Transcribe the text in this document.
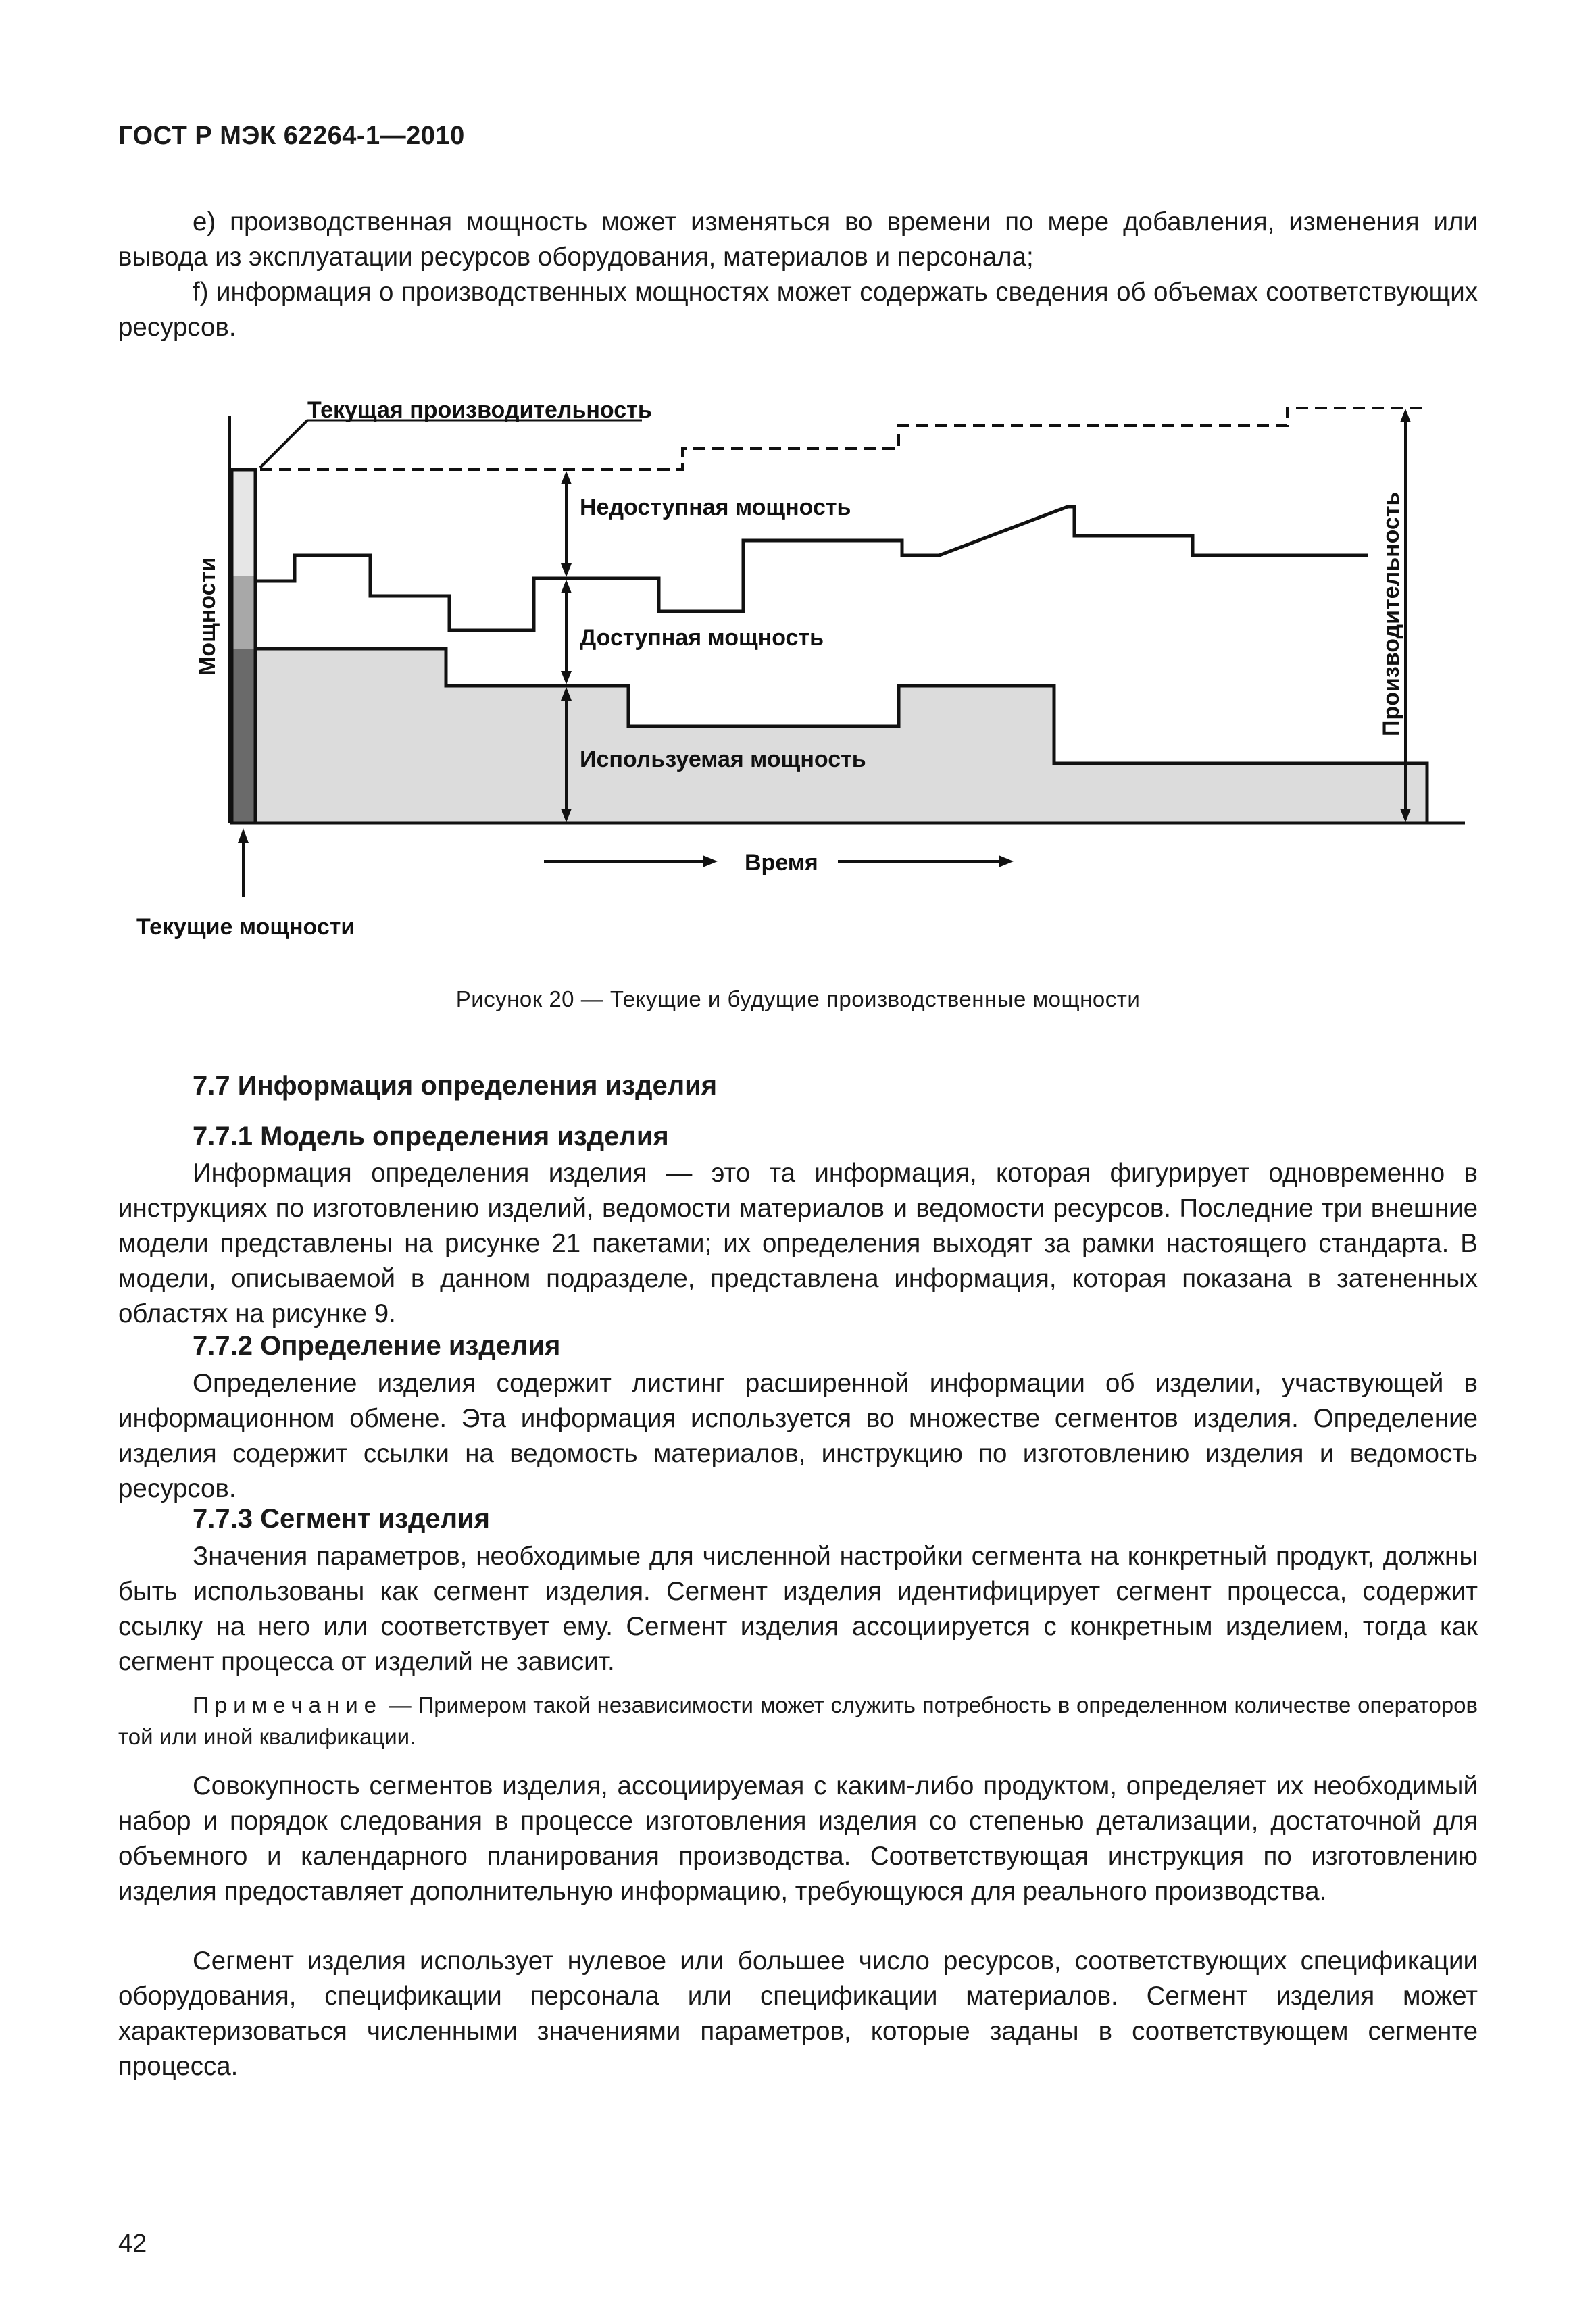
ГОСТ Р МЭК 62264-1—2010
е) производственная мощность может изменяться во времени по мере добавления, изменения или вывода из эксплуатации ресурсов оборудования, материалов и персонала;
f) информация о производственных мощностях может содержать сведения об объемах соответствующих ресурсов.
Текущая производительность
Недоступная мощность
Доступная мощность
Используемая мощность
Производительность
Мощности
Время
Текущие мощности
Рисунок 20 — Текущие и будущие производственные мощности
7.7 Информация определения изделия
7.7.1 Модель определения изделия
Информация определения изделия — это та информация, которая фигурирует одновременно в инструкциях по изготовлению изделий, ведомости материалов и ведомости ресурсов. Последние три внешние модели представлены на рисунке 21 пакетами; их определения выходят за рамки настоящего стандарта. В модели, описываемой в данном подразделе, представлена информация, которая показана в затененных областях на рисунке 9.
7.7.2 Определение изделия
Определение изделия содержит листинг расширенной информации об изделии, участвующей в информационном обмене. Эта информация используется во множестве сегментов изделия. Определение изделия содержит ссылки на ведомость материалов, инструкцию по изготовлению изделия и ведомость ресурсов.
7.7.3 Сегмент изделия
Значения параметров, необходимые для численной настройки сегмента на конкретный продукт, должны быть использованы как сегмент изделия. Сегмент изделия идентифицирует сегмент процесса, содержит ссылку на него или соответствует ему. Сегмент изделия ассоциируется с конкретным изделием, тогда как сегмент процесса от изделий не зависит.
Примечание — Примером такой независимости может служить потребность в определенном количестве операторов той или иной квалификации.
Совокупность сегментов изделия, ассоциируемая с каким-либо продуктом, определяет их необходимый набор и порядок следования в процессе изготовления изделия со степенью детализации, достаточной для объемного и календарного планирования производства. Соответствующая инструкция по изготовлению изделия предоставляет дополнительную информацию, требующуюся для реального производства.
Сегмент изделия использует нулевое или большее число ресурсов, соответствующих спецификации оборудования, спецификации персонала или спецификации материалов. Сегмент изделия может характеризоваться численными значениями параметров, которые заданы в соответствующем сегменте процесса.
42
